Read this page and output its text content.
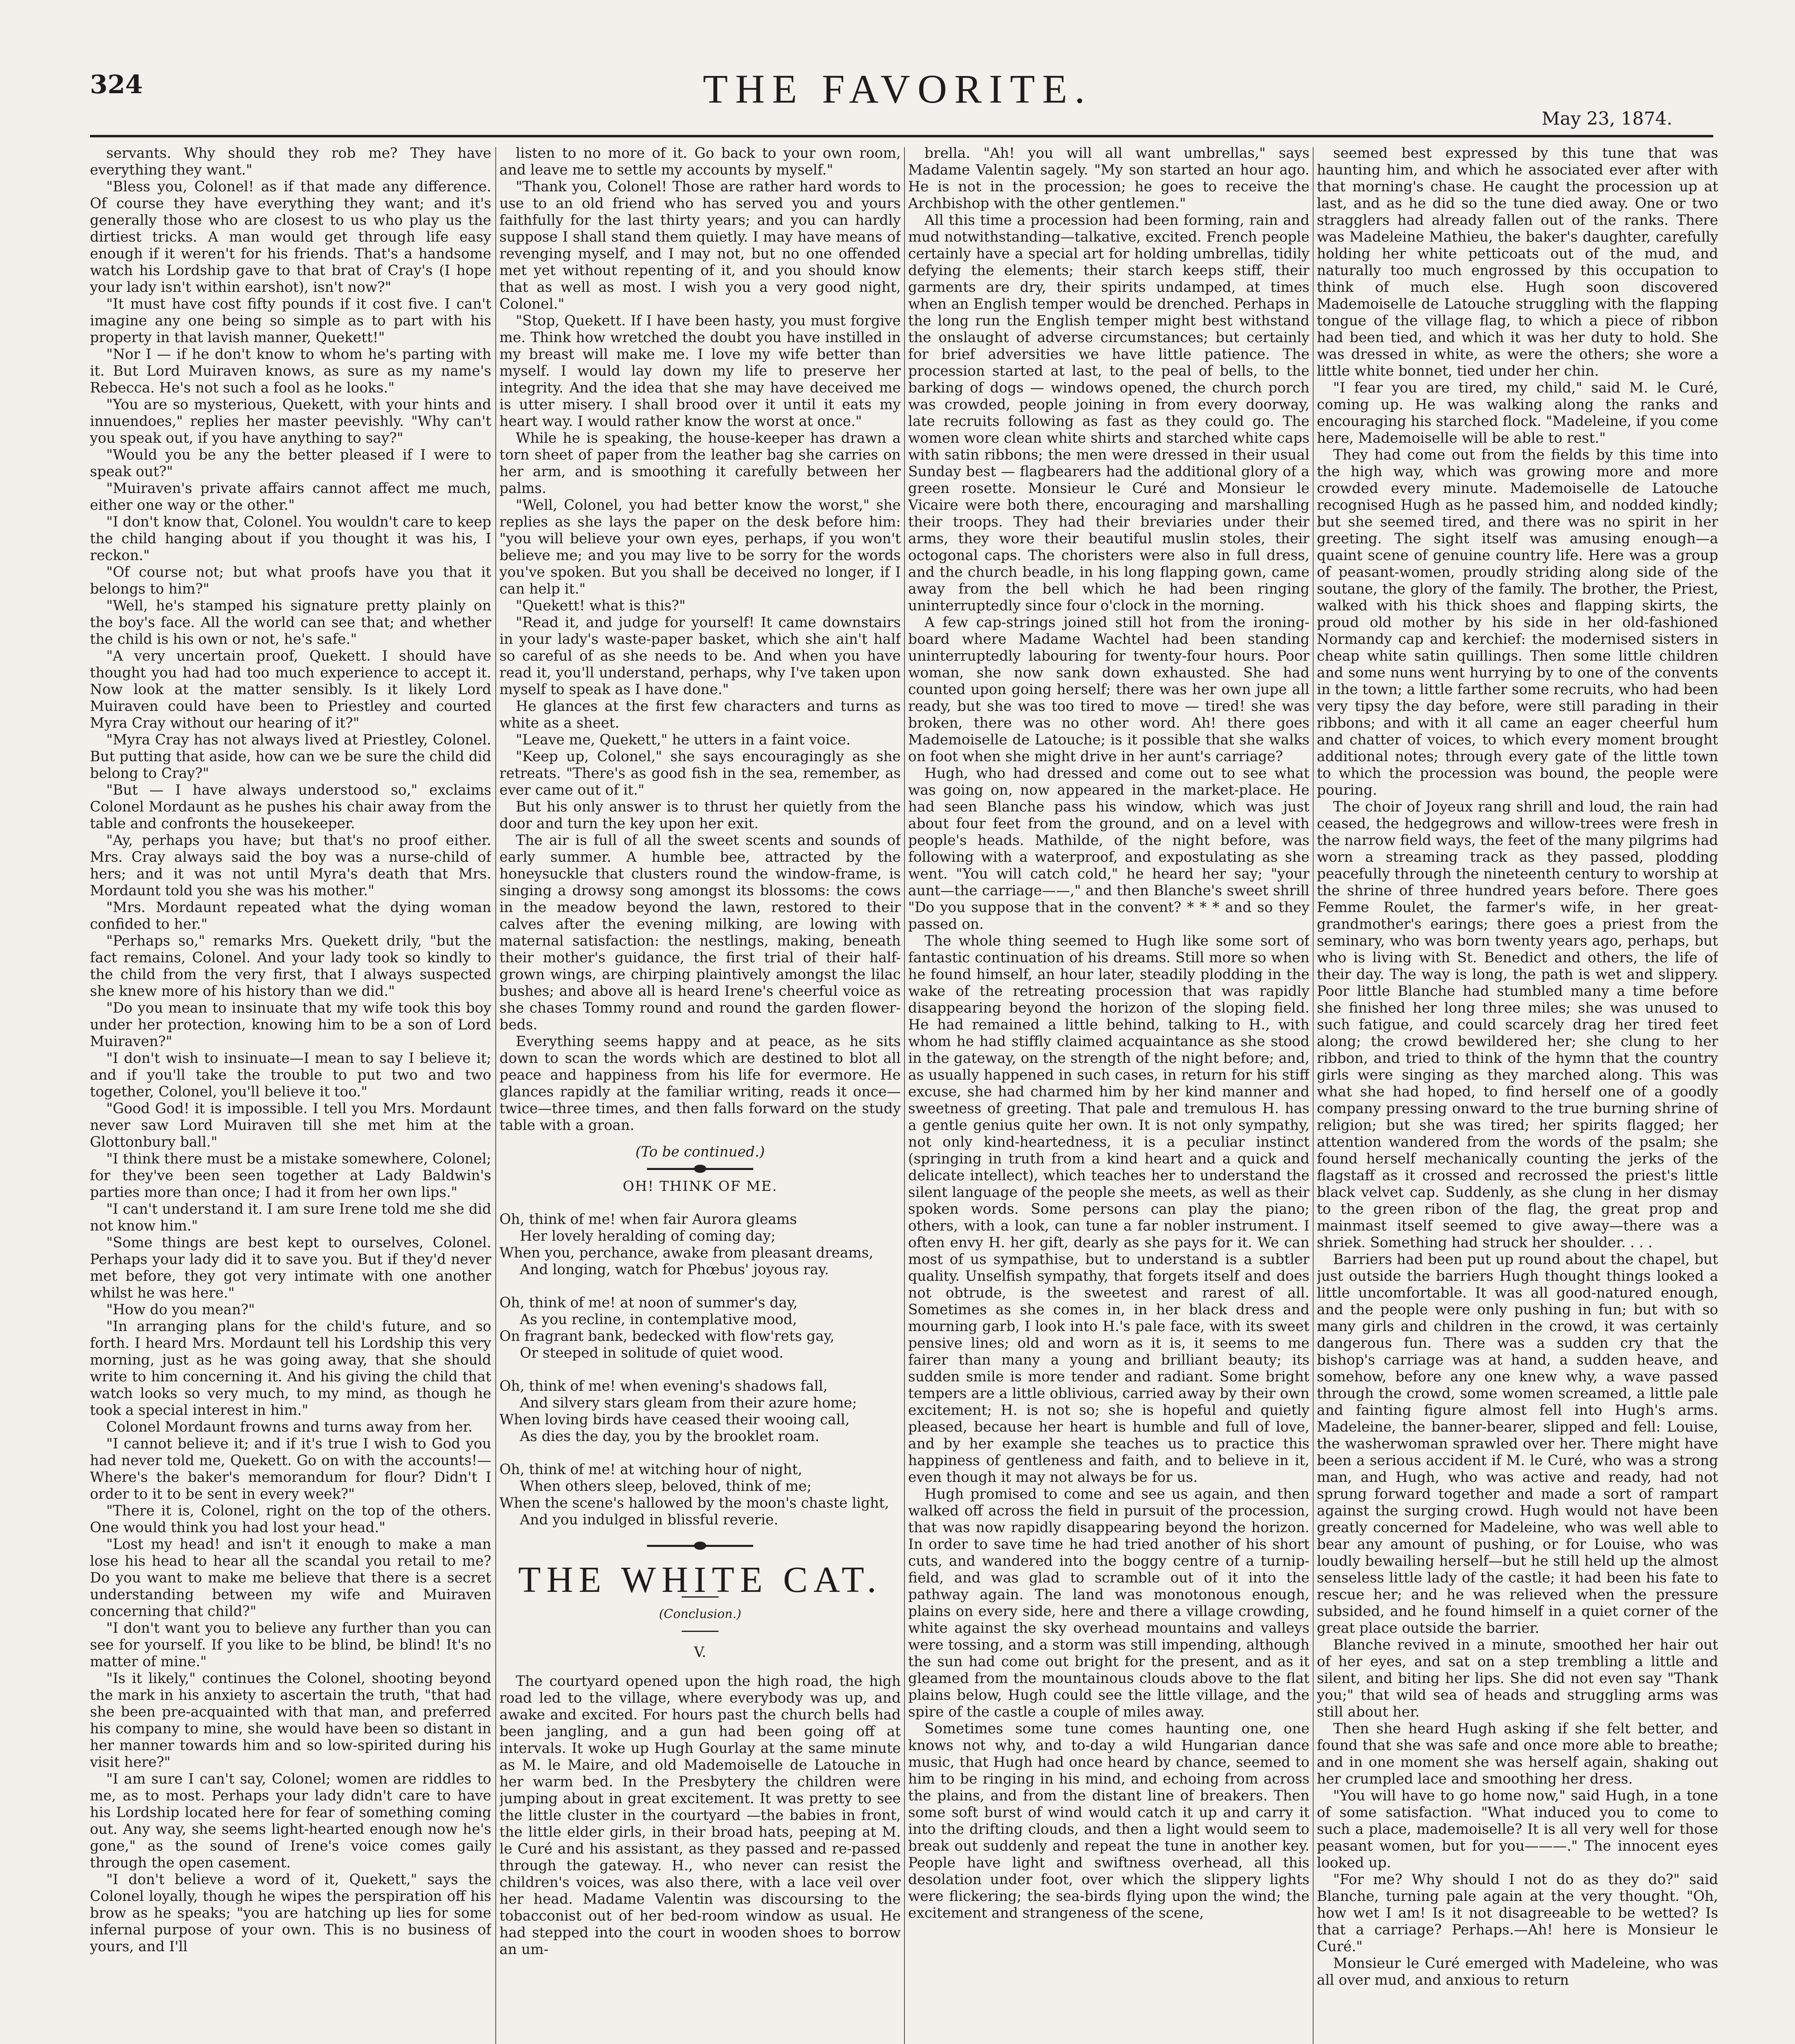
324	THE FAVORITE.
May 23, 1874.

servants. Why should they rob me? They have everything they want."

"Bless you, Colonel! as if that made any difference. Of course they have everything they want; and it's generally those who are closest to us who play us the dirtiest tricks. A man would get through life easy enough if it weren't for his friends. That's a handsome watch his Lordship gave to that brat of Cray's (I hope your lady isn't within earshot), isn't now?"

"It must have cost fifty pounds if it cost five. I can't imagine any one being so simple as to part with his property in that lavish manner, Quekett!"

"Nor I — if he don't know to whom he's parting with it. But Lord Muiraven knows, as sure as my name's Rebecca. He's not such a fool as he looks."

"You are so mysterious, Quekett, with your hints and innuendoes," replies her master peevishly. "Why can't you speak out, if you have anything to say?"

"Would you be any the better pleased if I were to speak out?"

"Muiraven's private affairs cannot affect me much, either one way or the other."

"I don't know that, Colonel. You wouldn't care to keep the child hanging about if you thought it was his, I reckon."

"Of course not; but what proofs have you that it belongs to him?"

"Well, he's stamped his signature pretty plainly on the boy's face. All the world can see that; and whether the child is his own or not, he's safe."

"A very uncertain proof, Quekett. I should have thought you had had too much experience to accept it. Now look at the matter sensibly. Is it likely Lord Muiraven could have been to Priestley and courted Myra Cray without our hearing of it?"

"Myra Cray has not always lived at Priestley, Colonel. But putting that aside, how can we be sure the child did belong to Cray?"

"But — I have always understood so," exclaims Colonel Mordaunt as he pushes his chair away from the table and confronts the housekeeper.

"Ay, perhaps you have; but that's no proof either. Mrs. Cray always said the boy was a nurse-child of hers; and it was not until Myra's death that Mrs. Mordaunt told you she was his mother."

"Mrs. Mordaunt repeated what the dying woman confided to her."

"Perhaps so," remarks Mrs. Quekett drily, "but the fact remains, Colonel. And your lady took so kindly to the child from the very first, that I always suspected she knew more of his history than we did."

"Do you mean to insinuate that my wife took this boy under her protection, knowing him to be a son of Lord Muiraven?"

"I don't wish to insinuate—I mean to say I believe it; and if you'll take the trouble to put two and two together, Colonel, you'll believe it too."

"Good God! it is impossible. I tell you Mrs. Mordaunt never saw Lord Muiraven till she met him at the Glottonbury ball."

"I think there must be a mistake somewhere, Colonel; for they've been seen together at Lady Baldwin's parties more than once; I had it from her own lips."

"I can't understand it. I am sure Irene told me she did not know him."

"Some things are best kept to ourselves, Colonel. Perhaps your lady did it to save you. But if they'd never met before, they got very intimate with one another whilst he was here."

"How do you mean?"

"In arranging plans for the child's future, and so forth. I heard Mrs. Mordaunt tell his Lordship this very morning, just as he was going away, that she should write to him concerning it. And his giving the child that watch looks so very much, to my mind, as though he took a special interest in him."

Colonel Mordaunt frowns and turns away from her.

"I cannot believe it; and if it's true I wish to God you had never told me, Quekett. Go on with the accounts!—Where's the baker's memorandum for flour? Didn't I order to it to be sent in every week?"

"There it is, Colonel, right on the top of the others. One would think you had lost your head."

"Lost my head! and isn't it enough to make a man lose his head to hear all the scandal you retail to me? Do you want to make me believe that there is a secret understanding between my wife and Muiraven concerning that child?"

"I don't want you to believe any further than you can see for yourself. If you like to be blind, be blind! It's no matter of mine."

"Is it likely," continues the Colonel, shooting beyond the mark in his anxiety to ascertain the truth, "that had she been pre-acquainted with that man, and preferred his company to mine, she would have been so distant in her manner towards him and so low-spirited during his visit here?"

"I am sure I can't say, Colonel; women are riddles to me, as to most. Perhaps your lady didn't care to have his Lordship located here for fear of something coming out. Any way, she seems light-hearted enough now he's gone," as the sound of Irene's voice comes gaily through the open casement.

"I don't believe a word of it, Quekett," says the Colonel loyally, though he wipes the perspiration off his brow as he speaks; "you are hatching up lies for some infernal purpose of your own. This is no business of yours, and I'll

listen to no more of it. Go back to your own room, and leave me to settle my accounts by myself."

"Thank you, Colonel! Those are rather hard words to use to an old friend who has served you and yours faithfully for the last thirty years; and you can hardly suppose I shall stand them quietly. I may have means of revenging myself, and I may not, but no one offended met yet without repenting of it, and you should know that as well as most. I wish you a very good night, Colonel."

"Stop, Quekett. If I have been hasty, you must forgive me. Think how wretched the doubt you have instilled in my breast will make me. I love my wife better than myself. I would lay down my life to preserve her integrity. And the idea that she may have deceived me is utter misery. I shall brood over it until it eats my heart way. I would rather know the worst at once."

While he is speaking, the house-keeper has drawn a torn sheet of paper from the leather bag she carries on her arm, and is smoothing it carefully between her palms.

"Well, Colonel, you had better know the worst," she replies as she lays the paper on the desk before him: "you will believe your own eyes, perhaps, if you won't believe me; and you may live to be sorry for the words you've spoken. But you shall be deceived no longer, if I can help it."

"Quekett! what is this?"

"Read it, and judge for yourself! It came downstairs in your lady's waste-paper basket, which she ain't half so careful of as she needs to be. And when you have read it, you'll understand, perhaps, why I've taken upon myself to speak as I have done."

He glances at the first few characters and turns as white as a sheet.

"Leave me, Quekett," he utters in a faint voice.

"Keep up, Colonel," she says encouragingly as she retreats. "There's as good fish in the sea, remember, as ever came out of it."

But his only answer is to thrust her quietly from the door and turn the key upon her exit.

The air is full of all the sweet scents and sounds of early summer. A humble bee, attracted by the honeysuckle that clusters round the window-frame, is singing a drowsy song amongst its blossoms: the cows in the meadow beyond the lawn, restored to their calves after the evening milking, are lowing with maternal satisfaction: the nestlings, making, beneath their mother's guidance, the first trial of their half-grown wings, are chirping plaintively amongst the lilac bushes; and above all is heard Irene's cheerful voice as she chases Tommy round and round the garden flower-beds.

Everything seems happy and at peace, as he sits down to scan the words which are destined to blot all peace and happiness from his life for evermore. He glances rapidly at the familiar writing, reads it once—twice—three times, and then falls forward on the study table with a groan.

(To be continued.)
OH! THINK OF ME.
Oh, think of me! when fair Aurora gleams
Her lovely heralding of coming day;
When you, perchance, awake from pleasant dreams,
And longing, watch for Phœbus' joyous ray.
Oh, think of me! at noon of summer's day,
As you recline, in contemplative mood,
On fragrant bank, bedecked with flow'rets gay,
Or steeped in solitude of quiet wood.
Oh, think of me! when evening's shadows fall,
And silvery stars gleam from their azure home;
When loving birds have ceased their wooing call,
As dies the day, you by the brooklet roam.
Oh, think of me! at witching hour of night,
When others sleep, beloved, think of me;
When the scene's hallowed by the moon's chaste light,
And you indulged in blissful reverie.
THE WHITE CAT.
(Conclusion.)
V.

The courtyard opened upon the high road, the high road led to the village, where everybody was up, and awake and excited. For hours past the church bells had been jangling, and a gun had been going off at intervals. It woke up Hugh Gourlay at the same minute as M. le Maire, and old Mademoiselle de Latouche in her warm bed. In the Presbytery the children were jumping about in great excitement. It was pretty to see the little cluster in the courtyard —the babies in front, the little elder girls, in their broad hats, peeping at M. le Curé and his assistant, as they passed and re-passed through the gateway. H., who never can resist the children's voices, was also there, with a lace veil over her head. Madame Valentin was discoursing to the tobacconist out of her bed-room window as usual. He had stepped into the court in wooden shoes to borrow an um-

brella. "Ah! you will all want umbrellas," says Madame Valentin sagely. "My son started an hour ago. He is not in the procession; he goes to receive the Archbishop with the other gentlemen."

All this time a procession had been forming, rain and mud notwithstanding—talkative, excited. French people certainly have a special art for holding umbrellas, tidily defying the elements; their starch keeps stiff, their garments are dry, their spirits undamped, at times when an English temper would be drenched. Perhaps in the long run the English temper might best withstand the onslaught of adverse circumstances; but certainly for brief adversities we have little patience. The procession started at last, to the peal of bells, to the barking of dogs — windows opened, the church porch was crowded, people joining in from every doorway, late recruits following as fast as they could go. The women wore clean white shirts and starched white caps with satin ribbons; the men were dressed in their usual Sunday best — flagbearers had the additional glory of a green rosette. Monsieur le Curé and Monsieur le Vicaire were both there, encouraging and marshalling their troops. They had their breviaries under their arms, they wore their beautiful muslin stoles, their octogonal caps. The choristers were also in full dress, and the church beadle, in his long flapping gown, came away from the bell which he had been ringing uninterruptedly since four o'clock in the morning.

A few cap-strings joined still hot from the ironing-board where Madame Wachtel had been standing uninterruptedly labouring for twenty-four hours. Poor woman, she now sank down exhausted. She had counted upon going herself; there was her own jupe all ready, but she was too tired to move — tired! she was broken, there was no other word. Ah! there goes Mademoiselle de Latouche; is it possible that she walks on foot when she might drive in her aunt's carriage?

Hugh, who had dressed and come out to see what was going on, now appeared in the market-place. He had seen Blanche pass his window, which was just about four feet from the ground, and on a level with people's heads. Mathilde, of the night before, was following with a waterproof, and expostulating as she went. "You will catch cold," he heard her say; "your aunt—the carriage——," and then Blanche's sweet shrill "Do you suppose that in the convent? * * * and so they passed on.

The whole thing seemed to Hugh like some sort of fantastic continuation of his dreams. Still more so when he found himself, an hour later, steadily plodding in the wake of the retreating procession that was rapidly disappearing beyond the horizon of the sloping field. He had remained a little behind, talking to H., with whom he had stiffly claimed acquaintance as she stood in the gateway, on the strength of the night before; and, as usually happened in such cases, in return for his stiff excuse, she had charmed him by her kind manner and sweetness of greeting. That pale and tremulous H. has a gentle genius quite her own. It is not only sympathy, not only kind-heartedness, it is a peculiar instinct (springing in truth from a kind heart and a quick and delicate intellect), which teaches her to understand the silent language of the people she meets, as well as their spoken words. Some persons can play the piano; others, with a look, can tune a far nobler instrument. I often envy H. her gift, dearly as she pays for it. We can most of us sympathise, but to understand is a subtler quality. Unselfish sympathy, that forgets itself and does not obtrude, is the sweetest and rarest of all. Sometimes as she comes in, in her black dress and mourning garb, I look into H.'s pale face, with its sweet pensive lines; old and worn as it is, it seems to me fairer than many a young and brilliant beauty; its sudden smile is more tender and radiant. Some bright tempers are a little oblivious, carried away by their own excitement; H. is not so; she is hopeful and quietly pleased, because her heart is humble and full of love, and by her example she teaches us to practice this happiness of gentleness and faith, and to believe in it, even though it may not always be for us.

Hugh promised to come and see us again, and then walked off across the field in pursuit of the procession, that was now rapidly disappearing beyond the horizon. In order to save time he had tried another of his short cuts, and wandered into the boggy centre of a turnip-field, and was glad to scramble out of it into the pathway again. The land was monotonous enough, plains on every side, here and there a village crowding, white against the sky overhead mountains and valleys were tossing, and a storm was still impending, although the sun had come out bright for the present, and as it gleamed from the mountainous clouds above to the flat plains below, Hugh could see the little village, and the spire of the castle a couple of miles away.

Sometimes some tune comes haunting one, one knows not why, and to-day a wild Hungarian dance music, that Hugh had once heard by chance, seemed to him to be ringing in his mind, and echoing from across the plains, and from the distant line of breakers. Then some soft burst of wind would catch it up and carry it into the drifting clouds, and then a light would seem to break out suddenly and repeat the tune in another key. People have light and swiftness overhead, all this desolation under foot, over which the slippery lights were flickering; the sea-birds flying upon the wind; the excitement and strangeness of the scene,

seemed best expressed by this tune that was haunting him, and which he associated ever after with that morning's chase. He caught the procession up at last, and as he did so the tune died away. One or two stragglers had already fallen out of the ranks. There was Madeleine Mathieu, the baker's daughter, carefully holding her white petticoats out of the mud, and naturally too much engrossed by this occupation to think of much else. Hugh soon discovered Mademoiselle de Latouche struggling with the flapping tongue of the village flag, to which a piece of ribbon had been tied, and which it was her duty to hold. She was dressed in white, as were the others; she wore a little white bonnet, tied under her chin.

"I fear you are tired, my child," said M. le Curé, coming up. He was walking along the ranks and encouraging his starched flock. "Madeleine, if you come here, Mademoiselle will be able to rest."

They had come out from the fields by this time into the high way, which was growing more and more crowded every minute. Mademoiselle de Latouche recognised Hugh as he passed him, and nodded kindly; but she seemed tired, and there was no spirit in her greeting. The sight itself was amusing enough—a quaint scene of genuine country life. Here was a group of peasant-women, proudly striding along side of the soutane, the glory of the family. The brother, the Priest, walked with his thick shoes and flapping skirts, the proud old mother by his side in her old-fashioned Normandy cap and kerchief: the modernised sisters in cheap white satin quillings. Then some little children and some nuns went hurrying by to one of the convents in the town; a little farther some recruits, who had been very tipsy the day before, were still parading in their ribbons; and with it all came an eager cheerful hum and chatter of voices, to which every moment brought additional notes; through every gate of the little town to which the procession was bound, the people were pouring.

The choir of Joyeux rang shrill and loud, the rain had ceased, the hedgegrows and willow-trees were fresh in the narrow field ways, the feet of the many pilgrims had worn a streaming track as they passed, plodding peacefully through the nineteenth century to worship at the shrine of three hundred years before. There goes Femme Roulet, the farmer's wife, in her great-grandmother's earings; there goes a priest from the seminary, who was born twenty years ago, perhaps, but who is living with St. Benedict and others, the life of their day. The way is long, the path is wet and slippery. Poor little Blanche had stumbled many a time before she finished her long three miles; she was unused to such fatigue, and could scarcely drag her tired feet along; the crowd bewildered her; she clung to her ribbon, and tried to think of the hymn that the country girls were singing as they marched along. This was what she had hoped, to find herself one of a goodly company pressing onward to the true burning shrine of religion; but she was tired; her spirits flagged; her attention wandered from the words of the psalm; she found herself mechanically counting the jerks of the flagstaff as it crossed and recrossed the priest's little black velvet cap. Suddenly, as she clung in her dismay to the green ribon of the flag, the great prop and mainmast itself seemed to give away—there was a shriek. Something had struck her shoulder. . . .

Barriers had been put up round about the chapel, but just outside the barriers Hugh thought things looked a little uncomfortable. It was all good-natured enough, and the people were only pushing in fun; but with so many girls and children in the crowd, it was certainly dangerous fun. There was a sudden cry that the bishop's carriage was at hand, a sudden heave, and somehow, before any one knew why, a wave passed through the crowd, some women screamed, a little pale and fainting figure almost fell into Hugh's arms. Madeleine, the banner-bearer, slipped and fell: Louise, the washerwoman sprawled over her. There might have been a serious accident if M. le Curé, who was a strong man, and Hugh, who was active and ready, had not sprung forward together and made a sort of rampart against the surging crowd. Hugh would not have been greatly concerned for Madeleine, who was well able to bear any amount of pushing, or for Louise, who was loudly bewailing herself—but he still held up the almost senseless little lady of the castle; it had been his fate to rescue her; and he was relieved when the pressure subsided, and he found himself in a quiet corner of the great place outside the barrier.

Blanche revived in a minute, smoothed her hair out of her eyes, and sat on a step trembling a little and silent, and biting her lips. She did not even say "Thank you;" that wild sea of heads and struggling arms was still about her.

Then she heard Hugh asking if she felt better, and found that she was safe and once more able to breathe; and in one moment she was herself again, shaking out her crumpled lace and smoothing her dress.

"You will have to go home now," said Hugh, in a tone of some satisfaction. "What induced you to come to such a place, mademoiselle? It is all very well for those peasant women, but for you———." The innocent eyes looked up.

"For me? Why should I not do as they do?" said Blanche, turning pale again at the very thought. "Oh, how wet I am! Is it not disagreeable to be wetted? Is that a carriage? Perhaps.—Ah! here is Monsieur le Curé."

Monsieur le Curé emerged with Madeleine, who was all over mud, and anxious to return
